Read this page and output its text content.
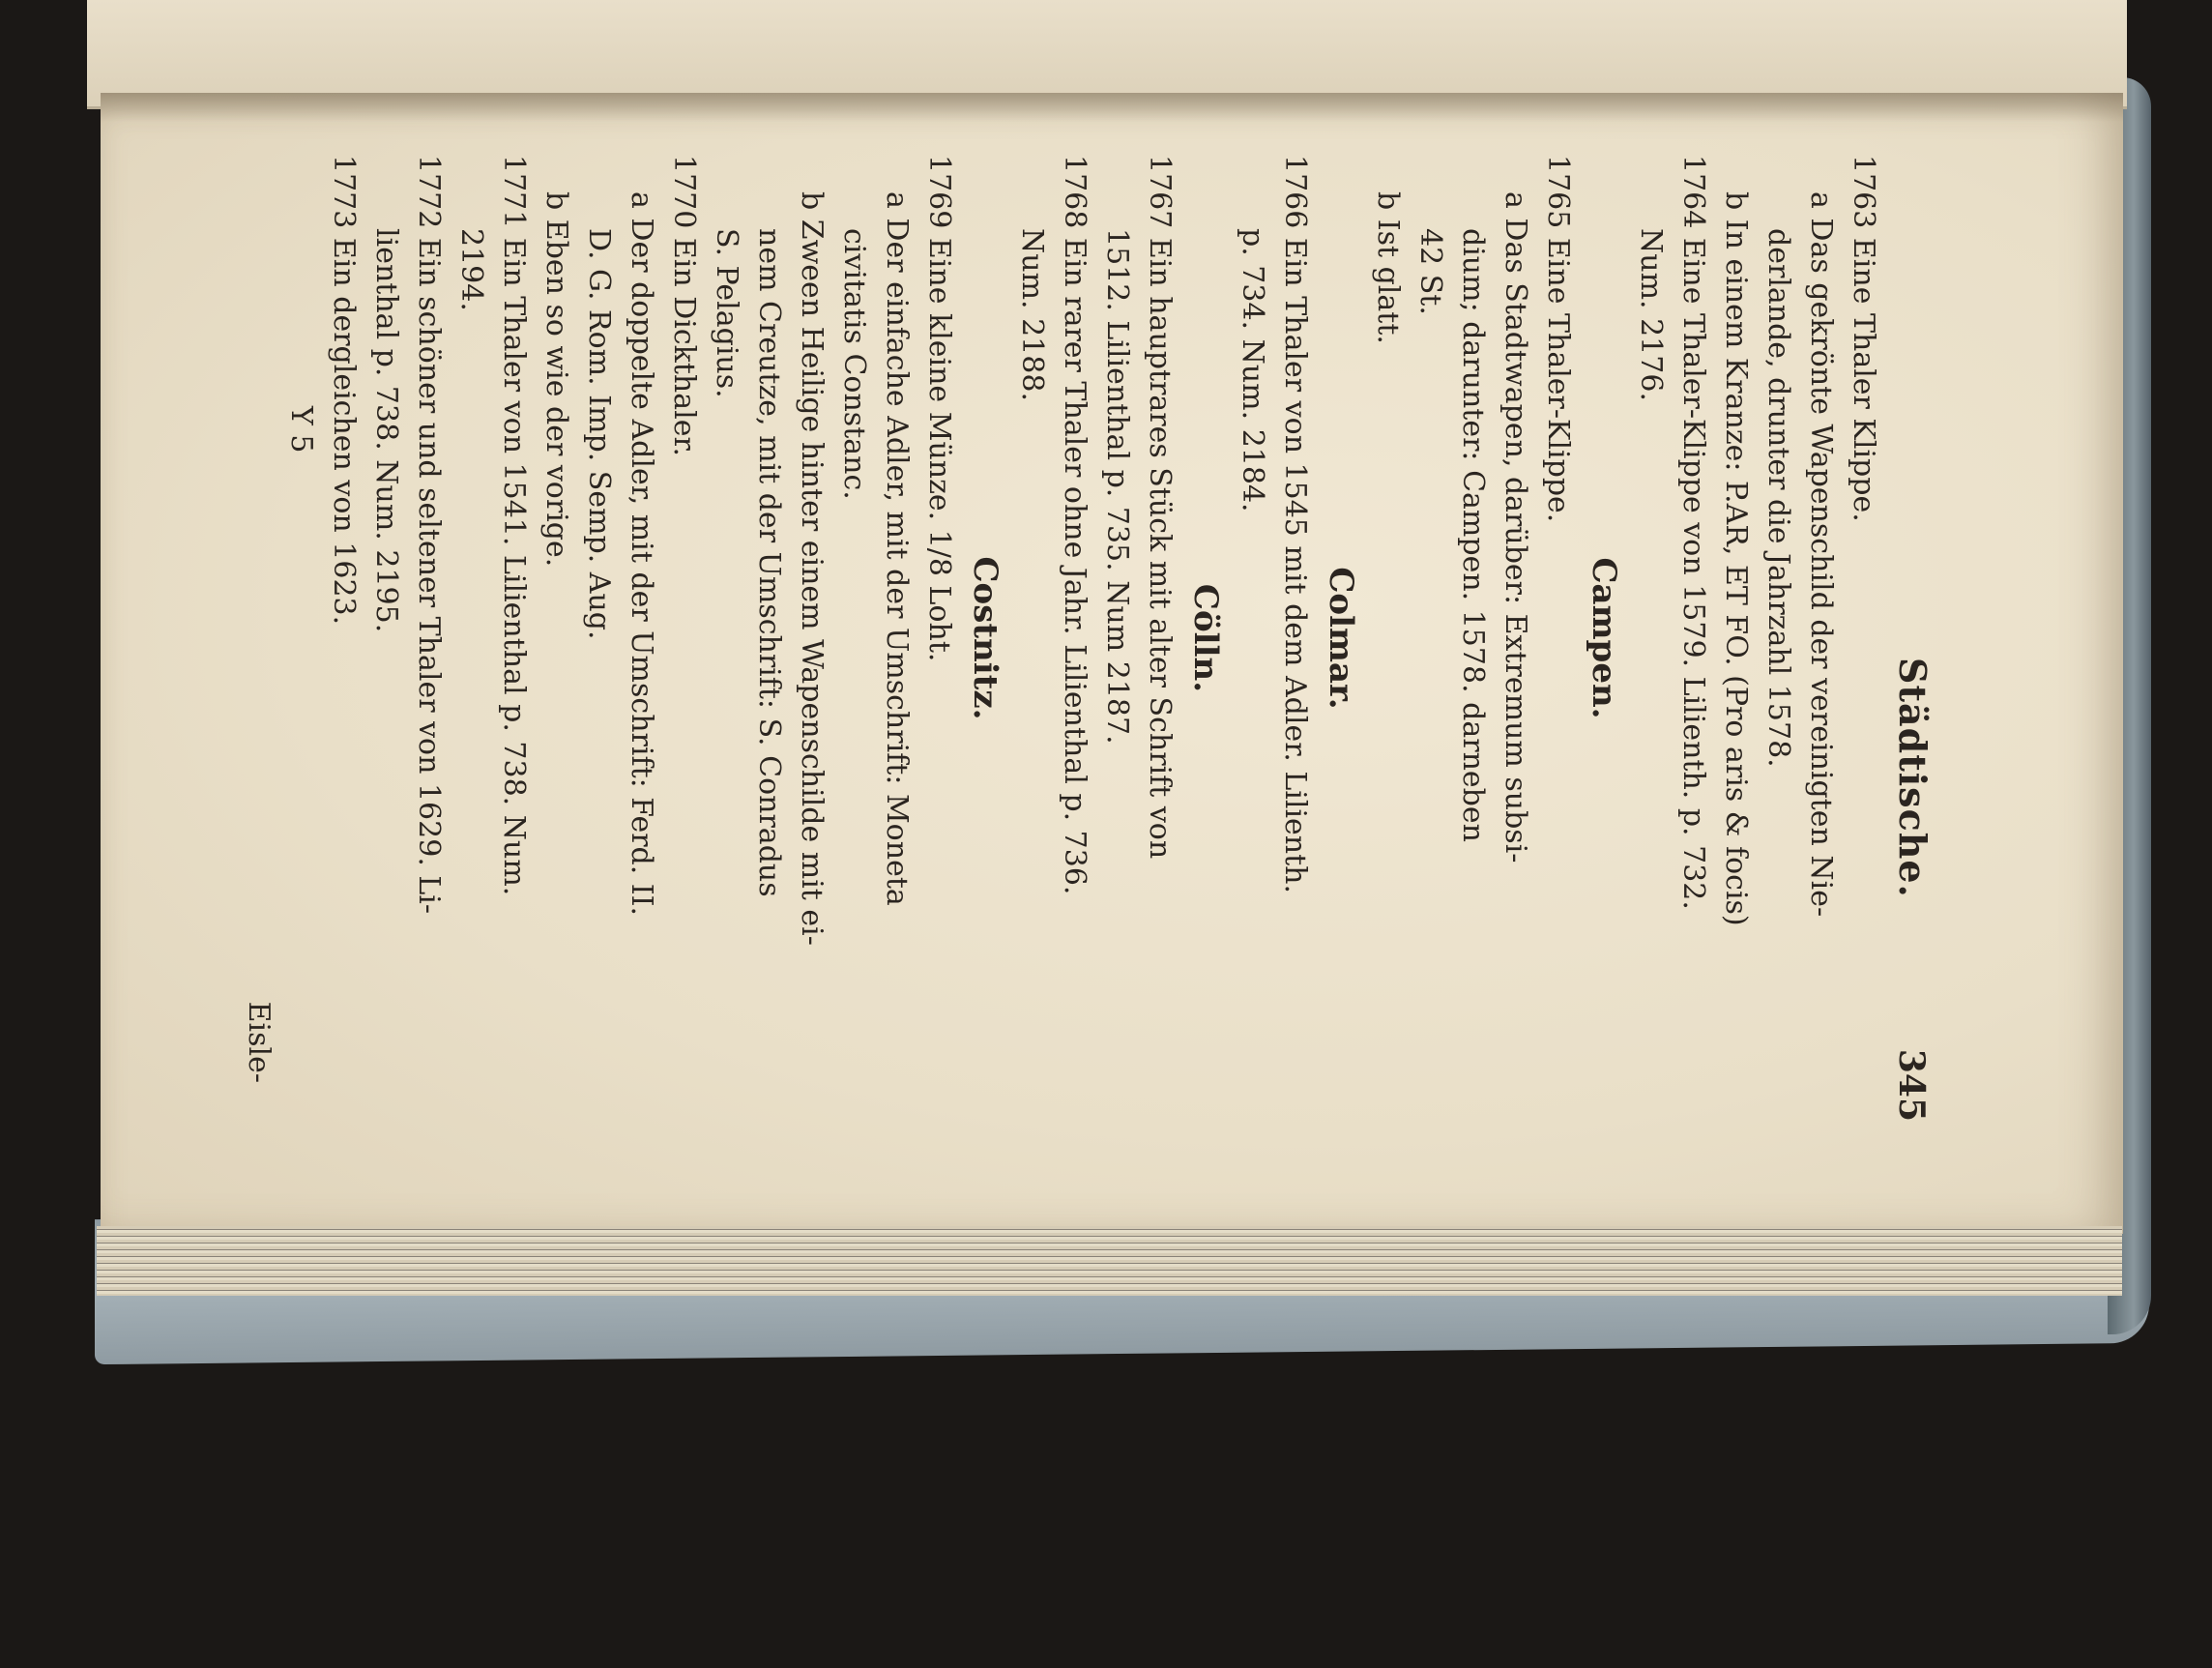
Städtische.
345
1763 Eine Thaler Klippe.
a Das gekrönte Wapenschild der vereinigten Nie-
derlande, drunter die Jahrzahl 1578.
b In einem Kranze: P.AR, ET FO. (Pro aris & focis)
1764 Eine Thaler-Klippe von 1579. Lilienth. p. 732.
Num. 2176.
Campen.
1765 Eine Thaler-Klippe.
a Das Stadtwapen, darüber: Extremum subsi-
dium; darunter: Campen. 1578. darneben
42 St.
b Ist glatt.
Colmar.
1766 Ein Thaler von 1545 mit dem Adler. Lilienth.
p. 734. Num. 2184.
Cölln.
1767 Ein hauptrares Stück mit alter Schrift von
1512. Lilienthal p. 735. Num 2187.
1768 Ein rarer Thaler ohne Jahr. Lilienthal p. 736.
Num. 2188.
Costnitz.
1769 Eine kleine Münze. 1/8 Loht.
a Der einfache Adler, mit der Umschrift: Moneta
civitatis Constanc.
b Zween Heilige hinter einem Wapenschilde mit ei-
nem Creutze, mit der Umschrift: S. Conradus
S. Pelagius.
1770 Ein Dickthaler.
a Der doppelte Adler, mit der Umschrift: Ferd. II.
D. G. Rom. Imp. Semp. Aug.
b Eben so wie der vorige.
1771 Ein Thaler von 1541. Lilienthal p. 738. Num.
2194.
1772 Ein schöner und seltener Thaler von 1629. Li-
lienthal p. 738. Num. 2195.
1773 Ein dergleichen von 1623.
Y 5
Eisle-
